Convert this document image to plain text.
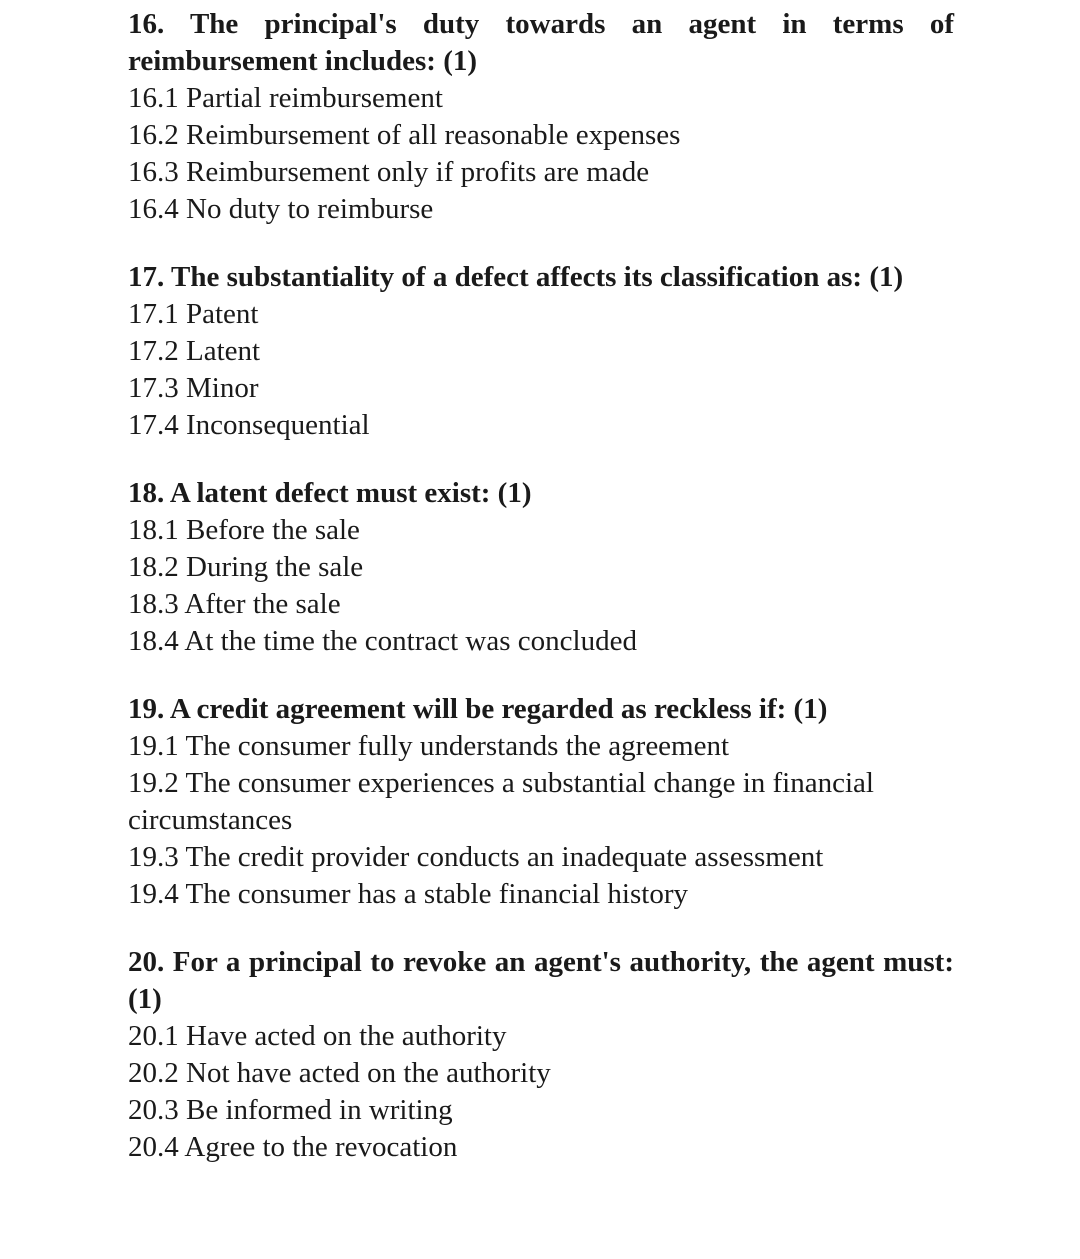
16. The principal's duty towards an agent in terms of reimbursement includes: (1)

16.1 Partial reimbursement

16.2 Reimbursement of all reasonable expenses

16.3 Reimbursement only if profits are made

16.4 No duty to reimburse

17. The substantiality of a defect affects its classification as: (1)

17.1 Patent

17.2 Latent

17.3 Minor

17.4 Inconsequential

18. A latent defect must exist: (1)

18.1 Before the sale

18.2 During the sale

18.3 After the sale

18.4 At the time the contract was concluded

19. A credit agreement will be regarded as reckless if: (1)

19.1 The consumer fully understands the agreement

19.2 The consumer experiences a substantial change in financial circumstances

19.3 The credit provider conducts an inadequate assessment

19.4 The consumer has a stable financial history

20. For a principal to revoke an agent's authority, the agent must: (1)

20.1 Have acted on the authority

20.2 Not have acted on the authority

20.3 Be informed in writing

20.4 Agree to the revocation
